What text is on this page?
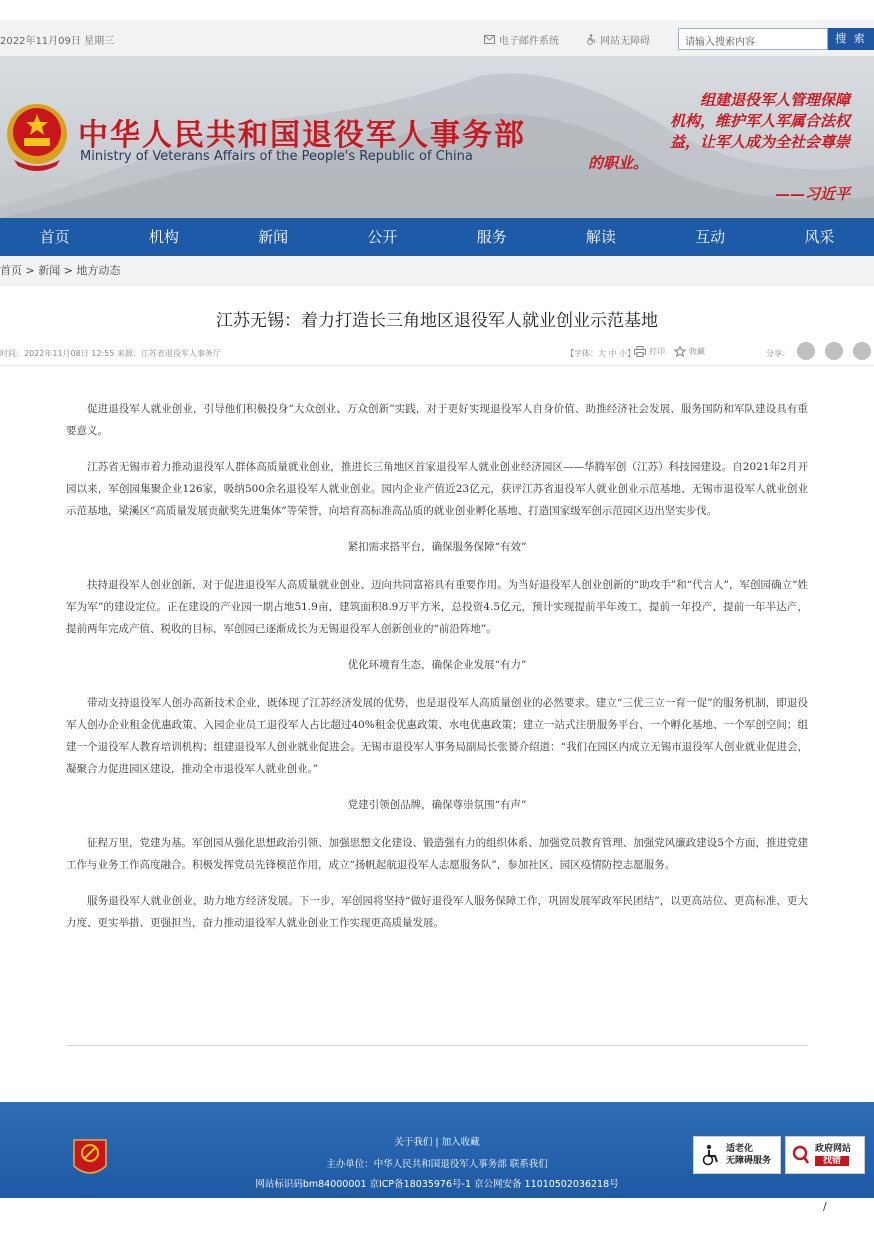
2022年11月09日 星期三	电子邮件系统	网站无障碍	请输入搜索内容	搜 索
中华人民共和国退役军人事务部
Ministry of Veterans Affairs of the People's Republic of China
组建退役军人管理保障
机构，维护军人军属合法权
益，让军人成为全社会尊崇

的职业。
——习近平
首页	机构	新闻	公开	服务	解读	互动	风采
首页 > 新闻 > 地方动态
江苏无锡：着力打造长三角地区退役军人就业创业示范基地
时间：2022年11月08日 12:55 来源：江苏省退役军人事务厅	【字体：大 中 小】 打印	收藏	分享：

促进退役军人就业创业，引导他们积极投身“大众创业、万众创新”实践，对于更好实现退役军人自身价值、助推经济社会发展、服务国防和军队建设具有重要意义。

江苏省无锡市着力推动退役军人群体高质量就业创业，推进长三角地区首家退役军人就业创业经济园区——华腾军创（江苏）科技园建设。自2021年2月开园以来，军创园集聚企业126家，吸纳500余名退役军人就业创业。园内企业产值近23亿元，获评江苏省退役军人就业创业示范基地、无锡市退役军人就业创业示范基地，梁溪区“高质量发展贡献奖先进集体”等荣誉，向培育高标准高品质的就业创业孵化基地、打造国家级军创示范园区迈出坚实步伐。

紧扣需求搭平台，确保服务保障“有效”

扶持退役军人创业创新，对于促进退役军人高质量就业创业、迈向共同富裕具有重要作用。为当好退役军人创业创新的“助攻手”和“代言人”，军创园确立“姓军为军”的建设定位。正在建设的产业园一期占地51.9亩，建筑面积8.9万平方米，总投资4.5亿元，预计实现提前半年竣工，提前一年投产，提前一年半达产，提前两年完成产值、税收的目标，军创园已逐渐成长为无锡退役军人创新创业的“前沿阵地”。

优化环境育生态，确保企业发展“有力”

带动支持退役军人创办高新技术企业，既体现了江苏经济发展的优势，也是退役军人高质量创业的必然要求。建立“三优三立一育一促”的服务机制，即退役军人创办企业租金优惠政策、入园企业员工退役军人占比超过40%租金优惠政策、水电优惠政策；建立一站式注册服务平台、一个孵化基地、一个军创空间；组建一个退役军人教育培训机构；组建退役军人创业就业促进会。无锡市退役军人事务局副局长张赟介绍道：“我们在园区内成立无锡市退役军人创业就业促进会，凝聚合力促进园区建设，推动全市退役军人就业创业。”

党建引领创品牌，确保尊崇氛围“有声”

征程万里，党建为基。军创园从强化思想政治引领、加强思想文化建设、锻造强有力的组织体系、加强党员教育管理、加强党风廉政建设5个方面，推进党建工作与业务工作高度融合。积极发挥党员先锋模范作用，成立“扬帆起航退役军人志愿服务队”，参加社区、园区疫情防控志愿服务。

服务退役军人就业创业，助力地方经济发展。下一步，军创园将坚持“做好退役军人服务保障工作，巩固发展军政军民团结”，以更高站位、更高标准、更大力度、更实举措、更强担当，奋力推动退役军人就业创业工作实现更高质量发展。

关于我们 | 加入收藏
主办单位：中华人民共和国退役军人事务部 联系我们
网站标识码bm84000001 京ICP备18035976号-1 京公网安备 11010502036218号
适老化
无障碍服务
政府网站
找错
/
